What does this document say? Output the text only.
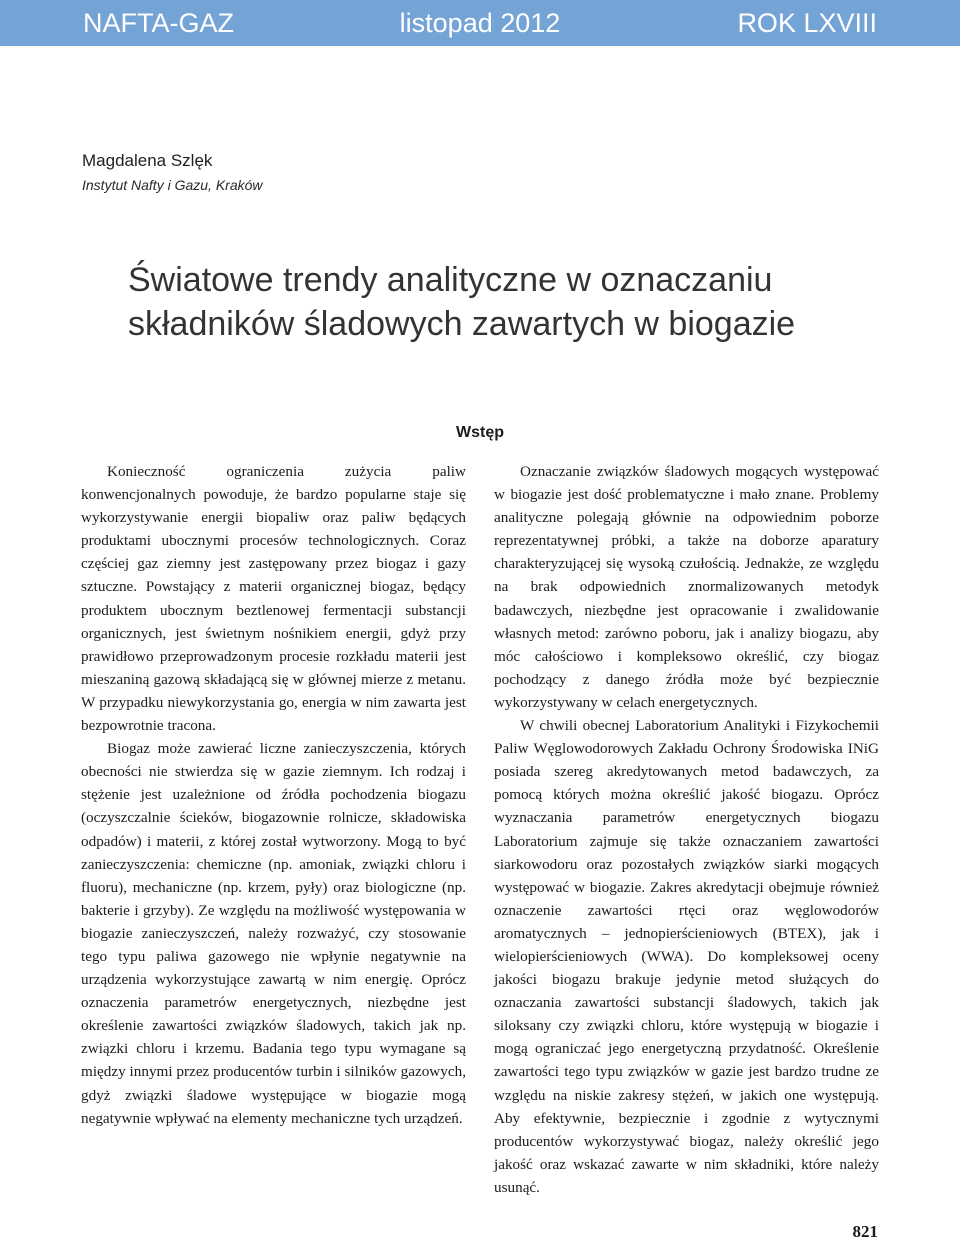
NAFTA-GAZ	listopad 2012	ROK LXVIII
Magdalena Szlęk
Instytut Nafty i Gazu, Kraków
Światowe trendy analityczne w oznaczaniu
składników śladowych zawartych w biogazie
Wstęp

Konieczność ograniczenia zużycia paliw konwencjonalnych powoduje, że bardzo popularne staje się wykorzystywanie energii biopaliw oraz paliw będących produktami ubocznymi procesów technologicznych. Coraz częściej gaz ziemny jest zastępowany przez biogaz i gazy sztuczne. Powstający z materii organicznej biogaz, będący produktem ubocznym beztlenowej fermentacji substancji organicznych, jest świetnym nośnikiem energii, gdyż przy prawidłowo przeprowadzonym procesie rozkładu materii jest mieszaniną gazową składającą się w głównej mierze z metanu. W przypadku niewykorzystania go, energia w nim zawarta jest bezpowrotnie tracona.

Biogaz może zawierać liczne zanieczyszczenia, których obecności nie stwierdza się w gazie ziemnym. Ich rodzaj i stężenie jest uzależnione od źródła pochodzenia biogazu (oczyszczalnie ścieków, biogazownie rolnicze, składowiska odpadów) i materii, z której został wytworzony. Mogą to być zanieczyszczenia: chemiczne (np. amoniak, związki chloru i fluoru), mechaniczne (np. krzem, pyły) oraz biologiczne (np. bakterie i grzyby). Ze względu na możliwość występowania w biogazie zanieczyszczeń, należy rozważyć, czy stosowanie tego typu paliwa gazowego nie wpłynie negatywnie na urządzenia wykorzystujące zawartą w nim energię. Oprócz oznaczenia parametrów energetycznych, niezbędne jest określenie zawartości związków śladowych, takich jak np. związki chloru i krzemu. Badania tego typu wymagane są między innymi przez producentów turbin i silników gazowych, gdyż związki śladowe występujące w biogazie mogą negatywnie wpływać na elementy mechaniczne tych urządzeń.

Oznaczanie związków śladowych mogących występować w biogazie jest dość problematyczne i mało znane. Problemy analityczne polegają głównie na odpowiednim poborze reprezentatywnej próbki, a także na doborze aparatury charakteryzującej się wysoką czułością. Jednakże, ze względu na brak odpowiednich znormalizowanych metodyk badawczych, niezbędne jest opracowanie i zwalidowanie własnych metod: zarówno poboru, jak i analizy biogazu, aby móc całościowo i kompleksowo określić, czy biogaz pochodzący z danego źródła może być bezpiecznie wykorzystywany w celach energetycznych.

W chwili obecnej Laboratorium Analityki i Fizykochemii Paliw Węglowodorowych Zakładu Ochrony Środowiska INiG posiada szereg akredytowanych metod badawczych, za pomocą których można określić jakość biogazu. Oprócz wyznaczania parametrów energetycznych biogazu Laboratorium zajmuje się także oznaczaniem zawartości siarkowodoru oraz pozostałych związków siarki mogących występować w biogazie. Zakres akredytacji obejmuje również oznaczenie zawartości rtęci oraz węglowodorów aromatycznych – jednopierścieniowych (BTEX), jak i wielopierścieniowych (WWA). Do kompleksowej oceny jakości biogazu brakuje jedynie metod służących do oznaczania zawartości substancji śladowych, takich jak siloksany czy związki chloru, które występują w biogazie i mogą ograniczać jego energetyczną przydatność. Określenie zawartości tego typu związków w gazie jest bardzo trudne ze względu na niskie zakresy stężeń, w jakich one występują. Aby efektywnie, bezpiecznie i zgodnie z wytycznymi producentów wykorzystywać biogaz, należy określić jego jakość oraz wskazać zawarte w nim składniki, które należy usunąć.

821
